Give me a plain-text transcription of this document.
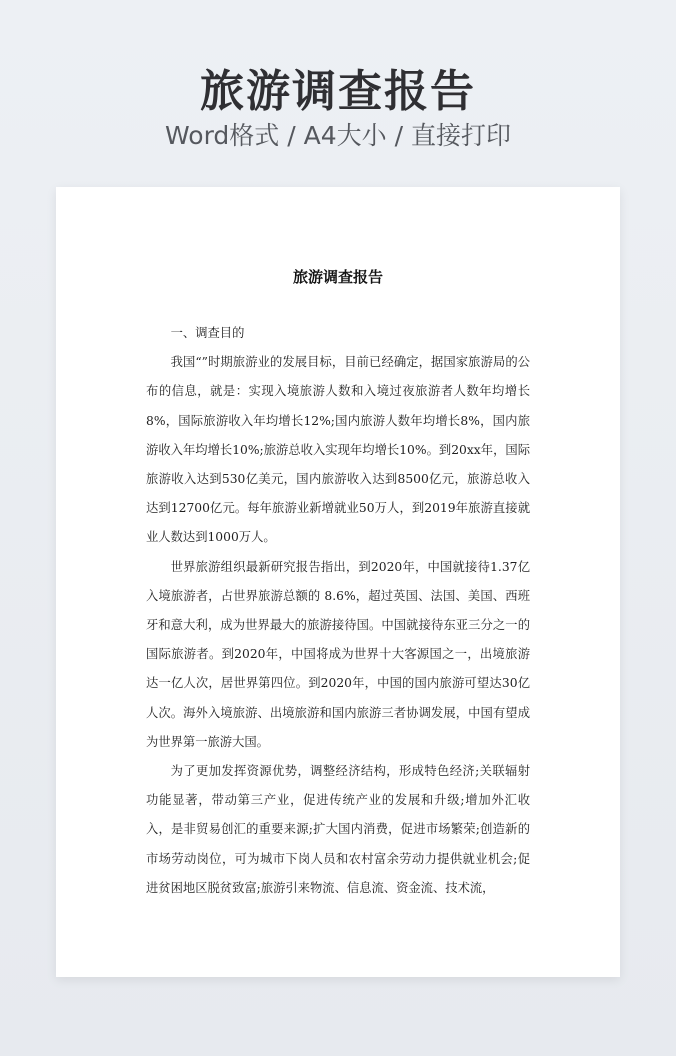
旅游调查报告
Word格式 / A4大小 / 直接打印
旅游调查报告

一、调查目的

我国“”时期旅游业的发展目标，目前已经确定，据国家旅游局的公布的信息，就是：实现入境旅游人数和入境过夜旅游者人数年均增长8%，国际旅游收入年均增长12%;国内旅游人数年均增长8%，国内旅游收入年均增长10%;旅游总收入实现年均增长10%。到20xx年，国际旅游收入达到530亿美元，国内旅游收入达到8500亿元，旅游总收入达到12700亿元。每年旅游业新增就业50万人，到2019年旅游直接就业人数达到1000万人。

世界旅游组织最新研究报告指出，到2020年，中国就接待1.37亿入境旅游者，占世界旅游总额的 8.6%，超过英国、法国、美国、西班牙和意大利，成为世界最大的旅游接待国。中国就接待东亚三分之一的国际旅游者。到2020年，中国将成为世界十大客源国之一，出境旅游达一亿人次，居世界第四位。到2020年，中国的国内旅游可望达30亿人次。海外入境旅游、出境旅游和国内旅游三者协调发展，中国有望成为世界第一旅游大国。

为了更加发挥资源优势，调整经济结构，形成特色经济;关联辐射功能显著，带动第三产业，促进传统产业的发展和升级;增加外汇收入，是非贸易创汇的重要来源;扩大国内消费，促进市场繁荣;创造新的市场劳动岗位，可为城市下岗人员和农村富余劳动力提供就业机会;促进贫困地区脱贫致富;旅游引来物流、信息流、资金流、技术流，
